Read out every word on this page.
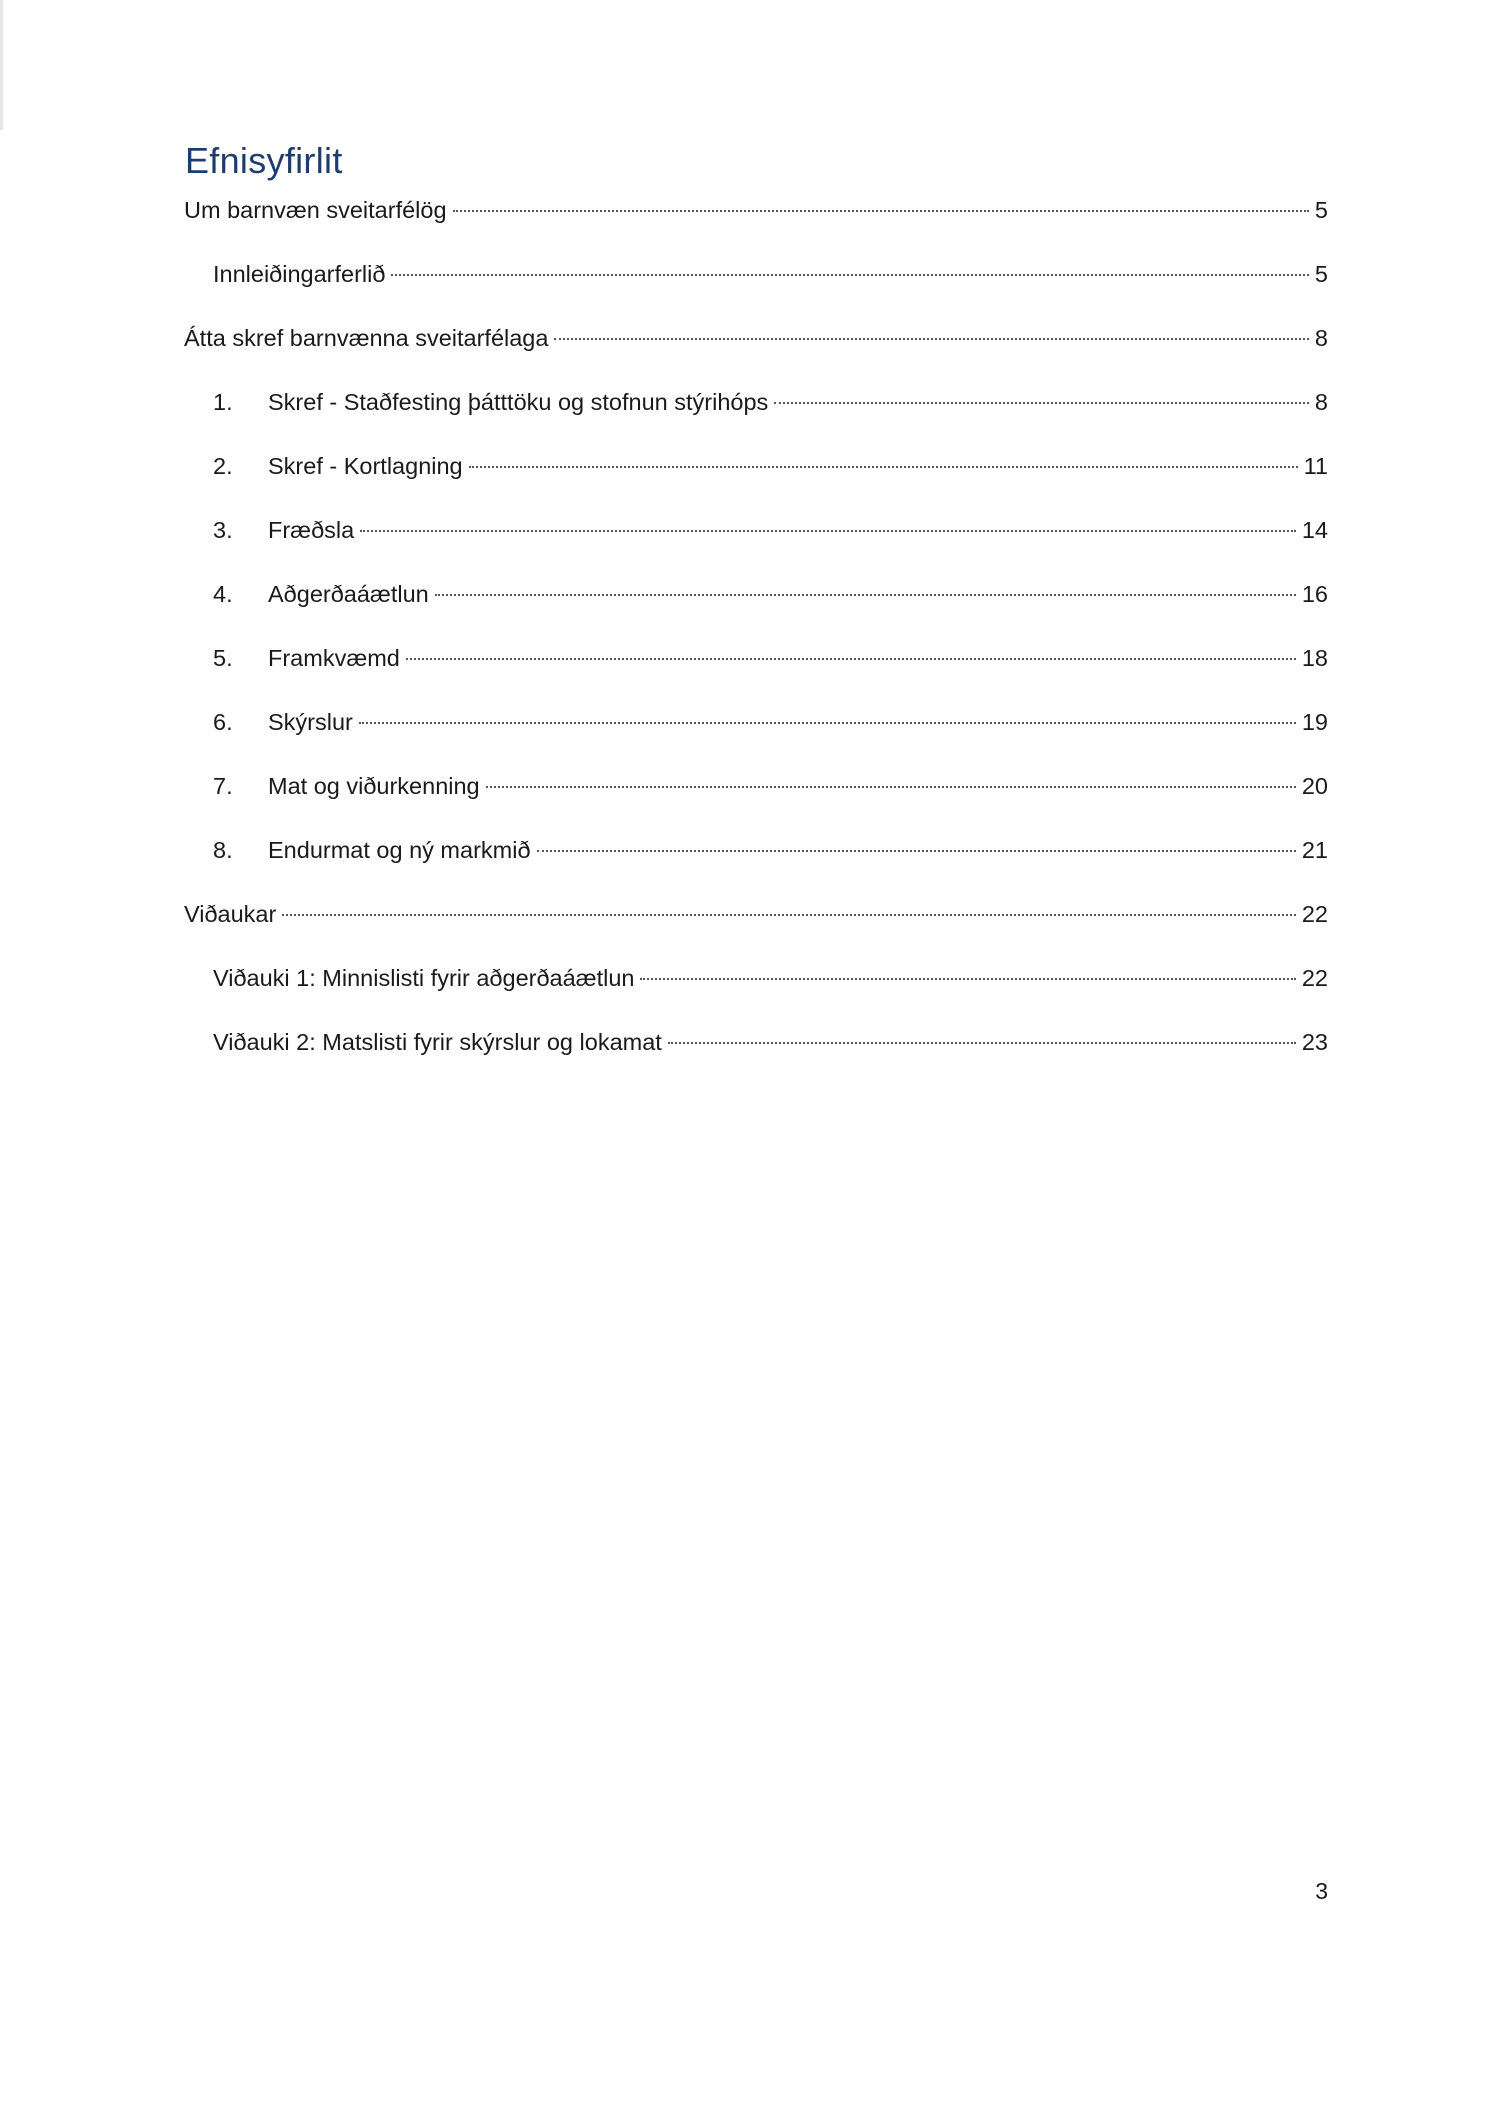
Efnisyfirlit
Um barnvæn sveitarfélög	5
Innleiðingarferlið	5
Átta skref barnvænna sveitarfélaga	8
1.	Skref - Staðfesting þátttöku og stofnun stýrihóps	8
2.	Skref - Kortlagning	11
3.	Fræðsla	14
4.	Aðgerðaáætlun	16
5.	Framkvæmd	18
6.	Skýrslur	19
7.	Mat og viðurkenning	20
8.	Endurmat og ný markmið	21
Viðaukar	22
Viðauki 1: Minnislisti fyrir aðgerðaáætlun	22
Viðauki 2: Matslisti fyrir skýrslur og lokamat	23
3
